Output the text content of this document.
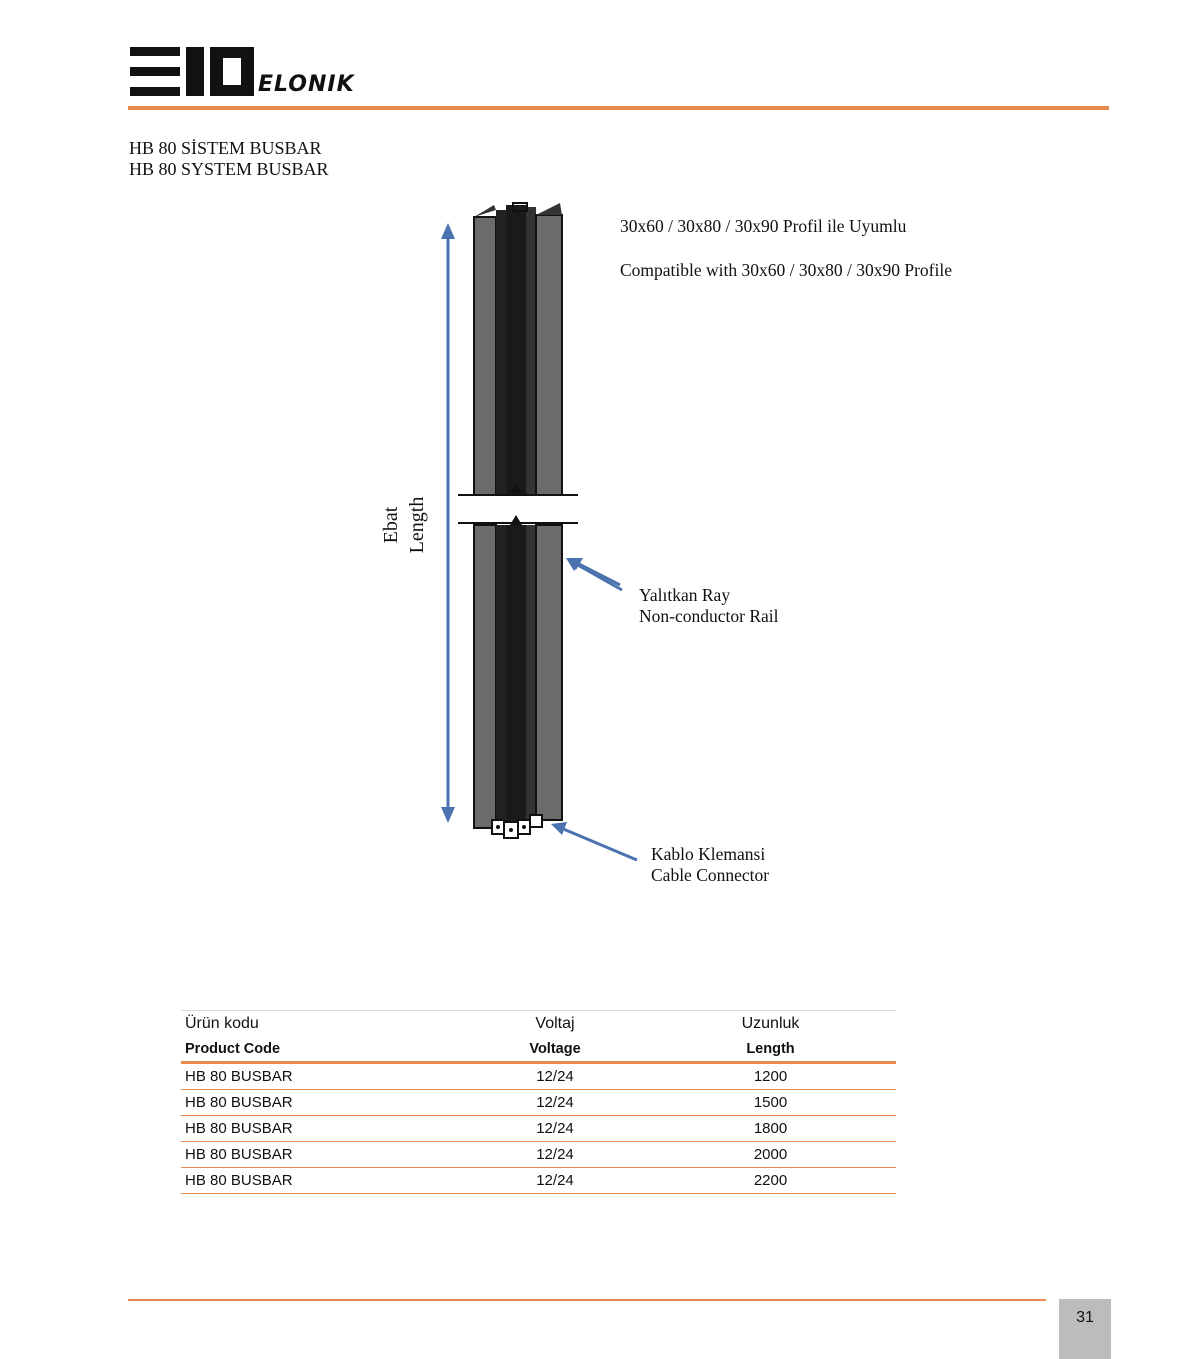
ELONIK
HB 80 SİSTEM BUSBAR
HB 80 SYSTEM BUSBAR
Ebat Length
30x60 / 30x80 / 30x90 Profil ile Uyumlu
Compatible with 30x60 / 30x80 / 30x90 Profile
Yalıtkan Ray
Non-conductor Rail
Kablo Klemansi
Cable Connector
Ürün kodu	Voltaj	Uzunluk
Product Code	Voltage	Length
HB 80 BUSBAR	12/24	1200
HB 80 BUSBAR	12/24	1500
HB 80 BUSBAR	12/24	1800
HB 80 BUSBAR	12/24	2000
HB 80 BUSBAR	12/24	2200
31
